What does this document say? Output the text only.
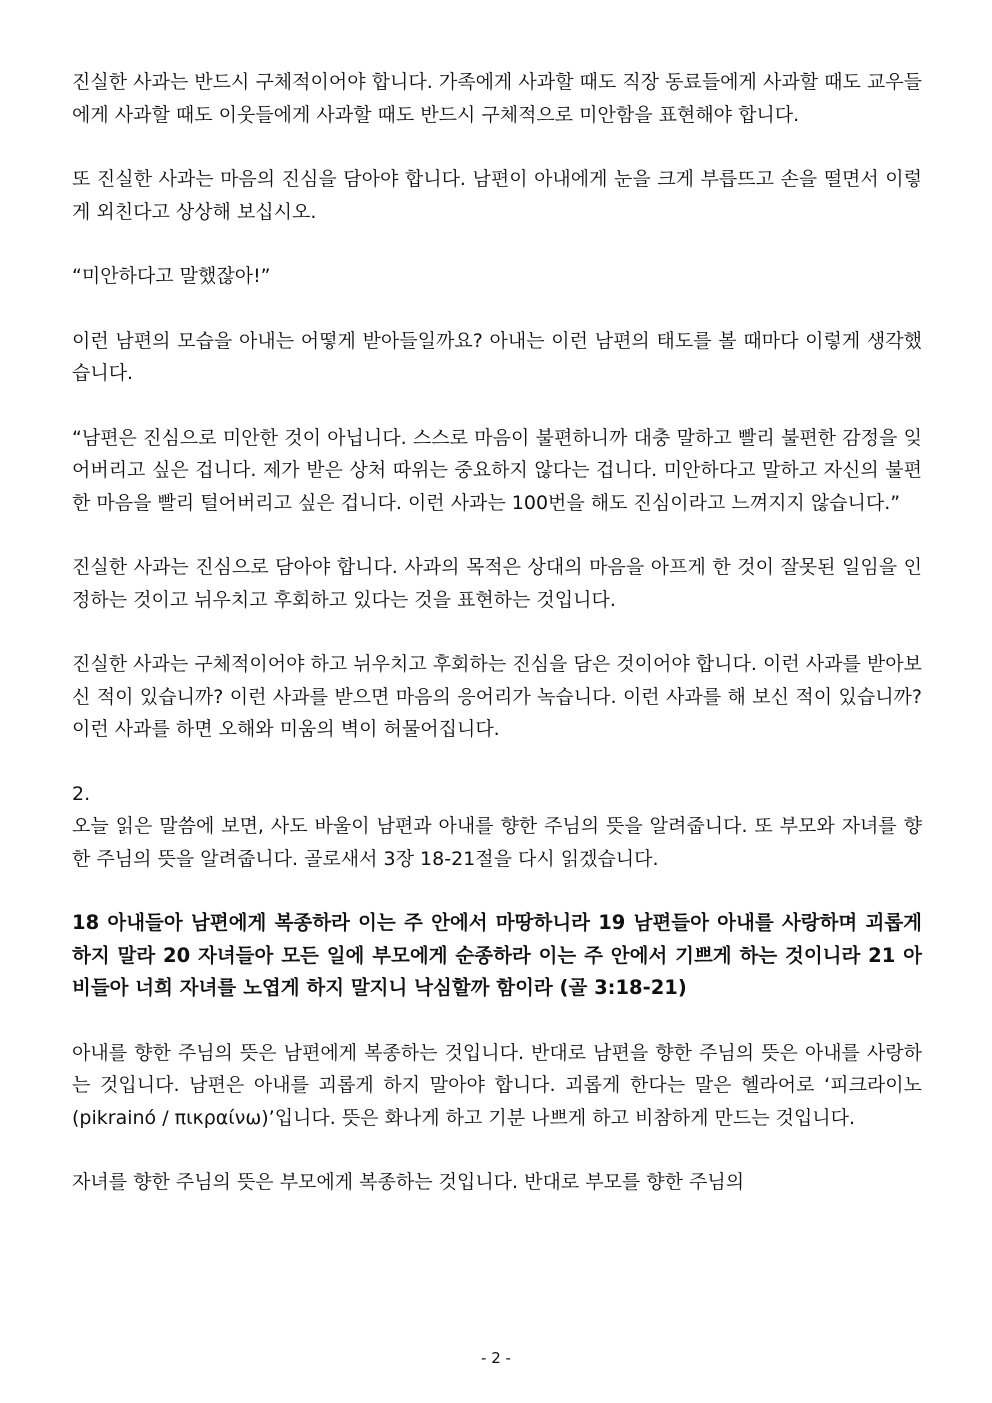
진실한 사과는 반드시 구체적이어야 합니다. 가족에게 사과할 때도 직장 동료들에게 사과할 때도 교우들에게 사과할 때도 이웃들에게 사과할 때도 반드시 구체적으로 미안함을 표현해야 합니다.

또 진실한 사과는 마음의 진심을 담아야 합니다. 남편이 아내에게 눈을 크게 부릅뜨고 손을 떨면서 이렇게 외친다고 상상해 보십시오.

“미안하다고 말했잖아!”

이런 남편의 모습을 아내는 어떻게 받아들일까요? 아내는 이런 남편의 태도를 볼 때마다 이렇게 생각했습니다.

“남편은 진심으로 미안한 것이 아닙니다. 스스로 마음이 불편하니까 대충 말하고 빨리 불편한 감정을 잊어버리고 싶은 겁니다. 제가 받은 상처 따위는 중요하지 않다는 겁니다. 미안하다고 말하고 자신의 불편한 마음을 빨리 털어버리고 싶은 겁니다. 이런 사과는 100번을 해도 진심이라고 느껴지지 않습니다.”

진실한 사과는 진심으로 담아야 합니다. 사과의 목적은 상대의 마음을 아프게 한 것이 잘못된 일임을 인정하는 것이고 뉘우치고 후회하고 있다는 것을 표현하는 것입니다.

진실한 사과는 구체적이어야 하고 뉘우치고 후회하는 진심을 담은 것이어야 합니다. 이런 사과를 받아보신 적이 있습니까? 이런 사과를 받으면 마음의 응어리가 녹습니다. 이런 사과를 해 보신 적이 있습니까? 이런 사과를 하면 오해와 미움의 벽이 허물어집니다.

2.

오늘 읽은 말씀에 보면, 사도 바울이 남편과 아내를 향한 주님의 뜻을 알려줍니다. 또 부모와 자녀를 향한 주님의 뜻을 알려줍니다. 골로새서 3장 18-21절을 다시 읽겠습니다.

18 아내들아 남편에게 복종하라 이는 주 안에서 마땅하니라 19 남편들아 아내를 사랑하며 괴롭게 하지 말라 20 자녀들아 모든 일에 부모에게 순종하라 이는 주 안에서 기쁘게 하는 것이니라 21 아비들아 너희 자녀를 노엽게 하지 말지니 낙심할까 함이라 (골 3:18-21)

아내를 향한 주님의 뜻은 남편에게 복종하는 것입니다. 반대로 남편을 향한 주님의 뜻은 아내를 사랑하는 것입니다. 남편은 아내를 괴롭게 하지 말아야 합니다. 괴롭게 한다는 말은 헬라어로 ‘피크라이노(pikrainó / πικραίνω)’입니다. 뜻은 화나게 하고 기분 나쁘게 하고 비참하게 만드는 것입니다.

자녀를 향한 주님의 뜻은 부모에게 복종하는 것입니다. 반대로 부모를 향한 주님의

- 2 -
